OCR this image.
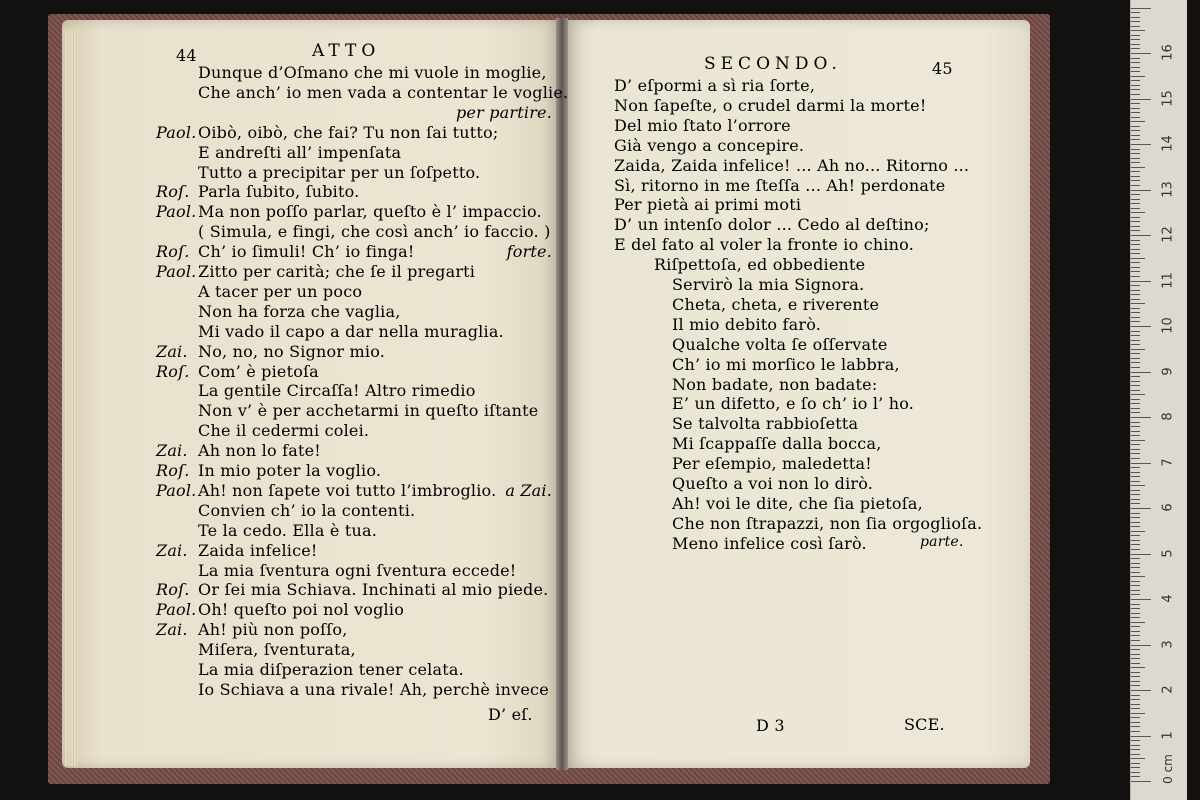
44	ATTO
Dunque d’Oſmano che mi vuole in moglie,
Che anch’ io men vada a contentar le voglie.
per partire.
Paol. Oibò, oibò, che fai? Tu non ſai tutto;
E andreſti all’ impenſata
Tutto a precipitar per un ſoſpetto.
Roſ. Parla ſubito, ſubito.
Paol. Ma non poſſo parlar, queſto è l’ impaccio.
( Simula, e fingi, che così anch’ io faccio. )
Roſ. Ch’ io ſimuli! Ch’ io finga!	forte.
Paol. Zitto per carità; che ſe il pregarti
A tacer per un poco
Non ha forza che vaglia,
Mi vado il capo a dar nella muraglia.
Zai. No, no, no Signor mio.
Roſ. Com’ è pietoſa
La gentile Circaſſa! Altro rimedio
Non v’ è per acchetarmi in queſto iſtante
Che il cedermi colei.
Zai. Ah non lo fate!
Roſ. In mio poter la voglio.
Paol. Ah! non ſapete voi tutto l’imbroglio. a Zai.
Convien ch’ io la contenti.
Te la cedo. Ella è tua.
Zai. Zaida infelice!
La mia ſventura ogni ſventura eccede!
Roſ. Or ſei mia Schiava. Inchinati al mio piede.
Paol. Oh! queſto poi nol voglio
Zai. Ah! più non poſſo,
Miſera, ſventurata,
La mia diſperazion tener celata.
Io Schiava a una rivale! Ah, perchè invece
D’ eſ.
SECONDO.	45
D’ eſpormi a sì ria ſorte,
Non ſapeſte, o crudel darmi la morte!
Del mio ſtato l’orrore
Già vengo a concepire.
Zaida, Zaida infelice! ... Ah no... Ritorno ...
Sì, ritorno in me ſteſſa ... Ah! perdonate
Per pietà ai primi moti
D’ un intenſo dolor ... Cedo al deſtino;
E del fato al voler la fronte io chino.
Riſpettoſa, ed obbediente
Servirò la mia Signora.
Cheta, cheta, e riverente
Il mio debito farò.
Qualche volta ſe oſſervate
Ch’ io mi morſico le labbra,
Non badate, non badate:
E’ un difetto, e ſo ch’ io l’ ho.
Se talvolta rabbioſetta
Mi ſcappaſſe dalla bocca,
Per eſempio, maledetta!
Queſto a voi non lo dirò.
Ah! voi le dite, che ſia pietoſa,
Che non ſtrapazzi, non ſia orgoglioſa.
Meno infelice così ſarò.	parte.
D 3	SCE.
16
15
14
13
12
11
10
9
8
7
6
5
4
3
2
1
0 cm
